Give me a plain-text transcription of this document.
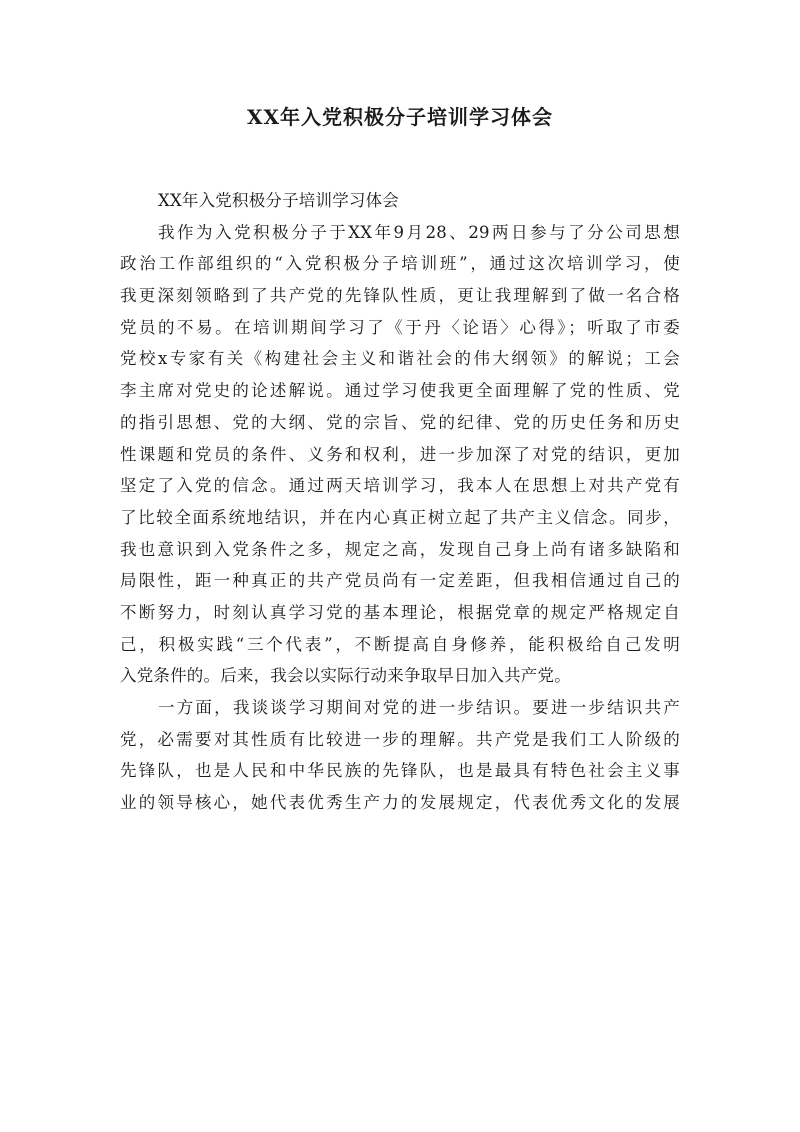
XX年入党积极分子培训学习体会
XX年入党积极分子培训学习体会
我作为入党积极分子于XX年9月28、29两日参与了分公司思想
政治工作部组织的“入党积极分子培训班”，通过这次培训学习，使
我更深刻领略到了共产党的先锋队性质，更让我理解到了做一名合格
党员的不易。在培训期间学习了《于丹〈论语〉心得》；听取了市委
党校x专家有关《构建社会主义和谐社会的伟大纲领》的解说；工会
李主席对党史的论述解说。通过学习使我更全面理解了党的性质、党
的指引思想、党的大纲、党的宗旨、党的纪律、党的历史任务和历史
性课题和党员的条件、义务和权利，进一步加深了对党的结识，更加
坚定了入党的信念。通过两天培训学习，我本人在思想上对共产党有
了比较全面系统地结识，并在内心真正树立起了共产主义信念。同步，
我也意识到入党条件之多，规定之高，发现自己身上尚有诸多缺陷和
局限性，距一种真正的共产党员尚有一定差距，但我相信通过自己的
不断努力，时刻认真学习党的基本理论，根据党章的规定严格规定自
己，积极实践“三个代表”，不断提高自身修养，能积极给自己发明
入党条件的。后来，我会以实际行动来争取早日加入共产党。
一方面，我谈谈学习期间对党的进一步结识。要进一步结识共产
党，必需要对其性质有比较进一步的理解。共产党是我们工人阶级的
先锋队，也是人民和中华民族的先锋队，也是最具有特色社会主义事
业的领导核心，她代表优秀生产力的发展规定，代表优秀文化的发展
